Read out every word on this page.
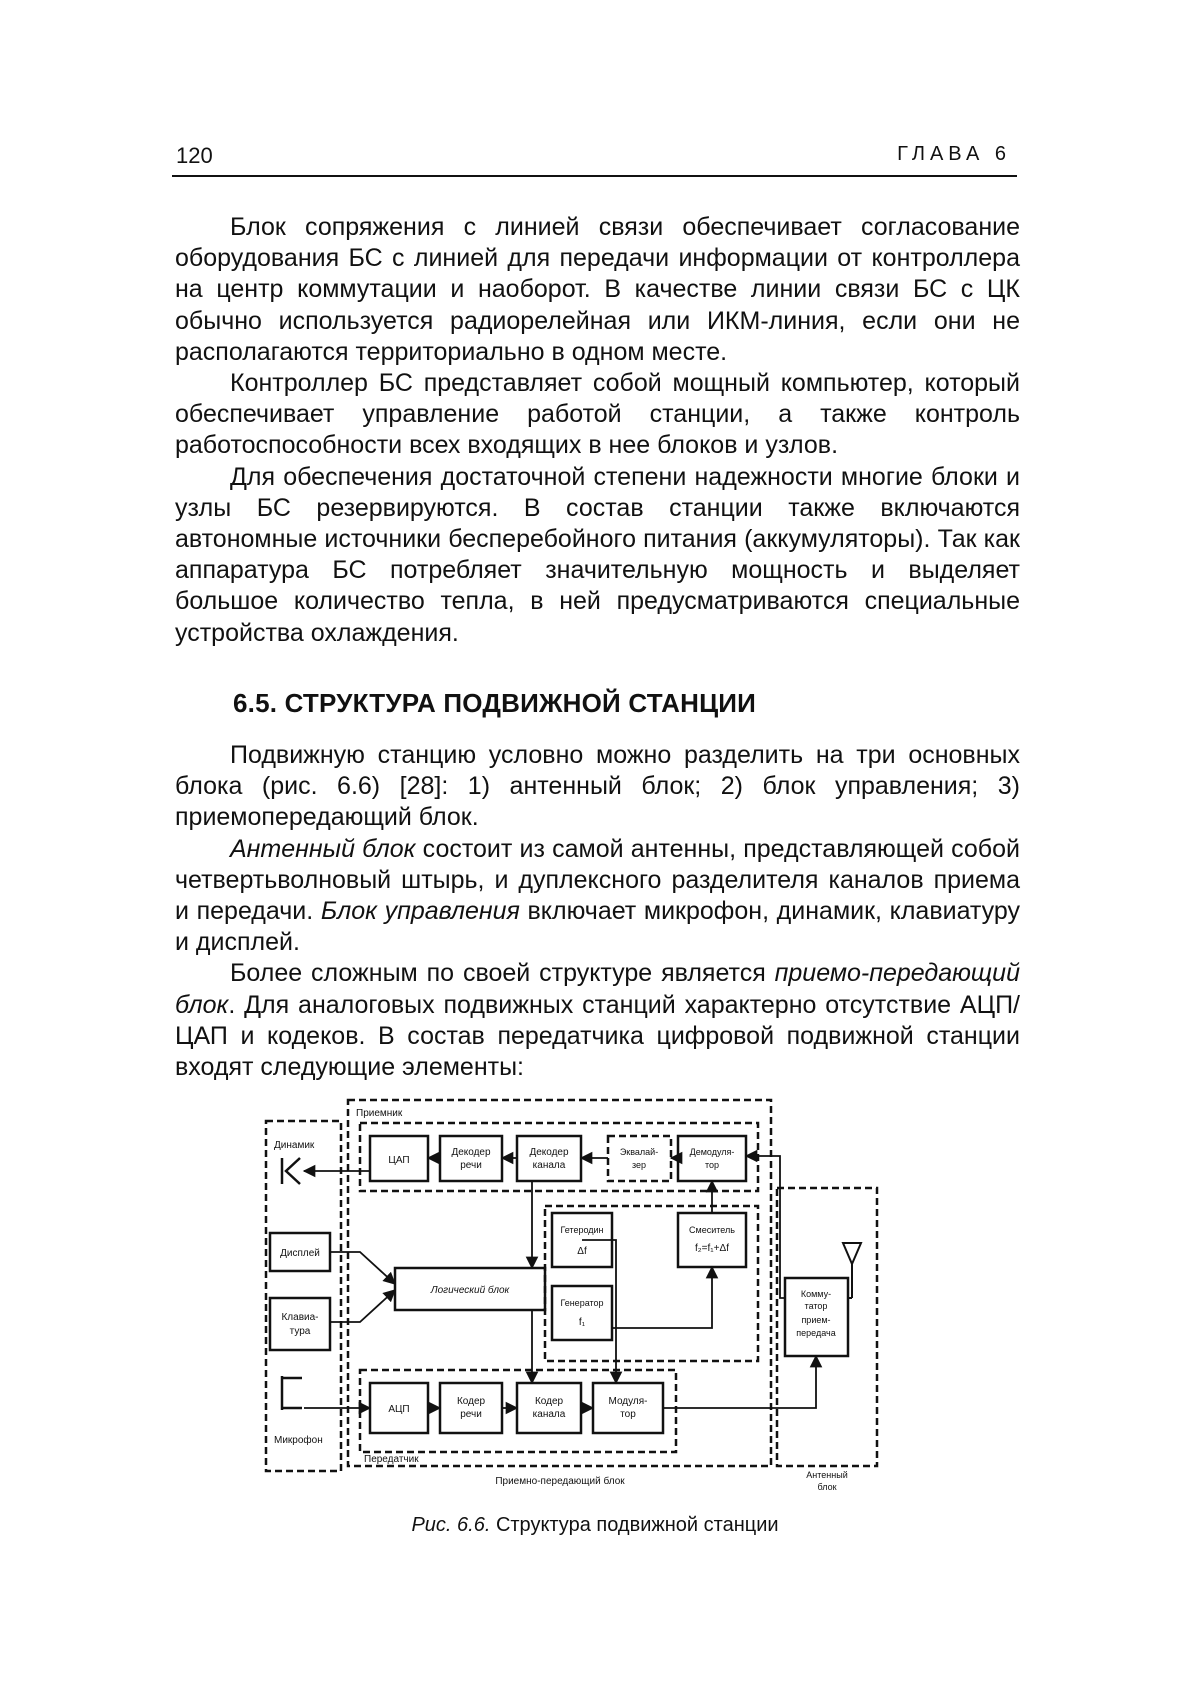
120	ГЛАВА 6

Блок сопряжения с линией связи обеспечивает согласование оборудования БС с линией для передачи информации от контроллера на центр коммутации и наоборот. В качестве линии связи БС с ЦК обычно используется радиорелейная или ИКМ-линия, если они не располагаются территориально в одном месте.

Контроллер БС представляет собой мощный компьютер, который обеспечивает управление работой станции, а также контроль работоспособности всех входящих в нее блоков и узлов.

Для обеспечения достаточной степени надежности многие блоки и узлы БС резервируются. В состав станции также включаются автономные источники бесперебойного питания (аккумуляторы). Так как аппаратура БС потребляет значительную мощность и выделяет большое количество тепла, в ней предусматриваются специальные устройства охлаждения.

6.5. СТРУКТУРА ПОДВИЖНОЙ СТАНЦИИ

Подвижную станцию условно можно разделить на три основных блока (рис. 6.6) [28]: 1) антенный блок; 2) блок управления; 3) приемопередающий блок.

Антенный блок состоит из самой антенны, представляющей собой четвертьволновый штырь, и дуплексного разделителя каналов приема и передачи. Блок управления включает микрофон, динамик, клавиатуру и дисплей.

Более сложным по своей структуре является приемо-передающий блок. Для аналоговых подвижных станций характерно отсутствие АЦП/ЦАП и кодеков. В состав передатчика цифровой подвижной станции входят следующие элементы:

Приемник
Динамик
Дисплей
Клавиа-
тура
Микрофон
ЦАП
Декодер
речи
Декодер
канала
Эквалай-
зер
Демодуля-
тор
Гетеродин
Δf
Смеситель
f₂=f₁+Δf
Логический блок
Генератор
f₁
Комму-
татор
прием-
передача
АЦП
Кодер
речи
Кодер
канала
Модуля-
тор
Передатчик
Приемно-передающий блок
Антенный
блок
Рис. 6.6. Структура подвижной станции
